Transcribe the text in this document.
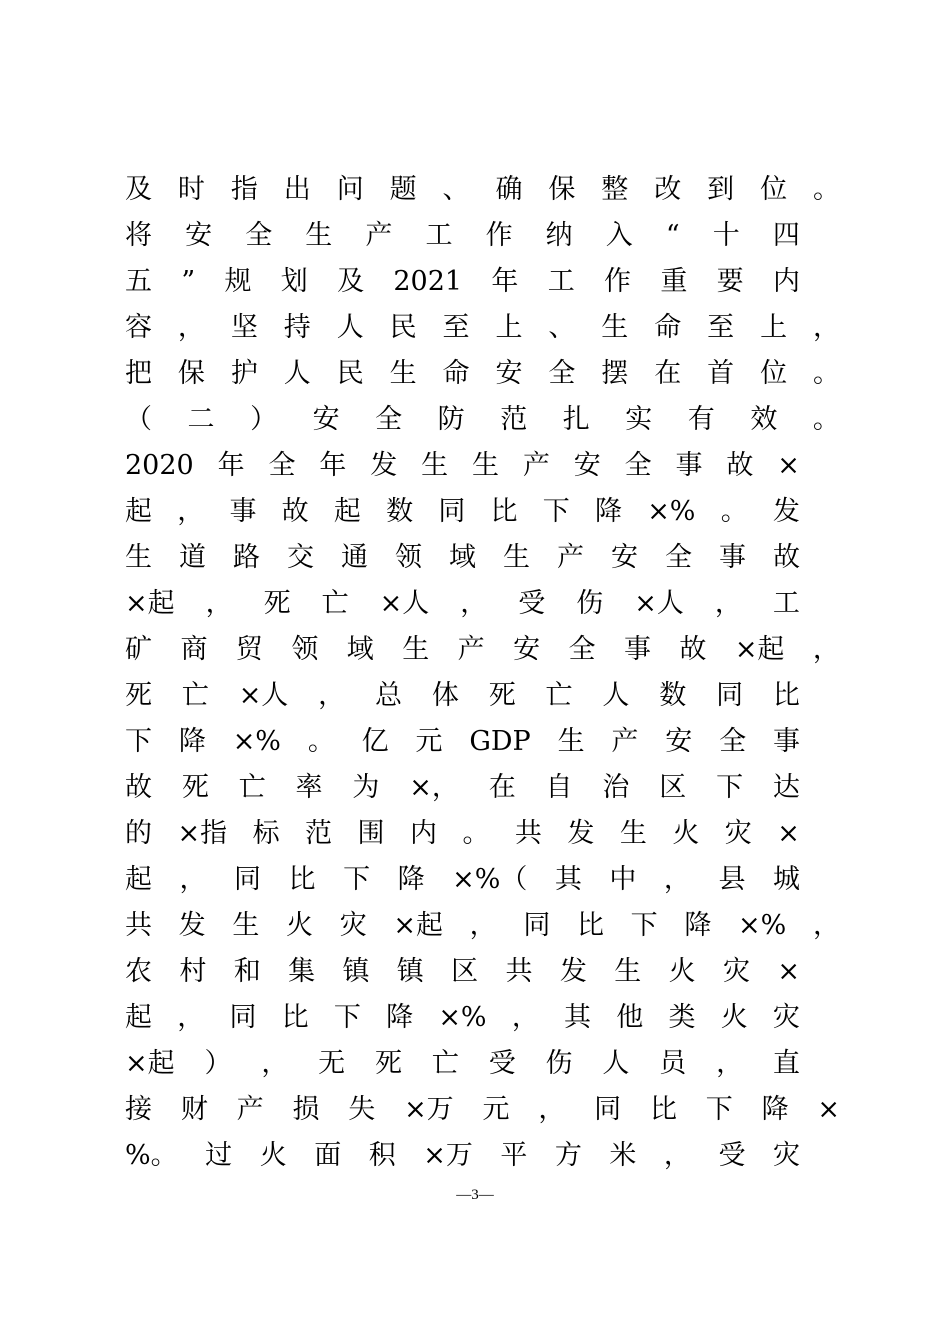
及 时 指 出 问 题 、 确 保 整 改 到 位 。
将 安 全 生 产 工 作 纳 入 “ 十 四
五 ” 规 划 及 2021 年 工 作 重 要 内
容 ， 坚 持 人 民 至 上 、 生 命 至 上 ，
把 保 护 人 民 生 命 安 全 摆 在 首 位 。
（ 二 ） 安 全 防 范 扎 实 有 效 。
2020 年 全 年 发 生 生 产 安 全 事 故 ×
起 ， 事 故 起 数 同 比 下 降 ×% 。 发
生 道 路 交 通 领 域 生 产 安 全 事 故
×起 ， 死 亡 ×人 ， 受 伤 ×人 ， 工
矿 商 贸 领 域 生 产 安 全 事 故 ×起 ，
死 亡 ×人 ， 总 体 死 亡 人 数 同 比
下 降 ×% 。 亿 元 GDP 生 产 安 全 事
故 死 亡 率 为 ×， 在 自 治 区 下 达
的 ×指 标 范 围 内 。 共 发 生 火 灾 ×
起 ， 同 比 下 降 ×%（ 其 中 ， 县 城
共 发 生 火 灾 ×起 ， 同 比 下 降 ×% ，
农 村 和 集 镇 镇 区 共 发 生 火 灾 ×
起 ， 同 比 下 降 ×% ， 其 他 类 火 灾
×起 ） ， 无 死 亡 受 伤 人 员 ， 直
接 财 产 损 失 ×万 元 ， 同 比 下 降 ×
%。 过 火 面 积 ×万 平 方 米 ， 受 灾
—3—
